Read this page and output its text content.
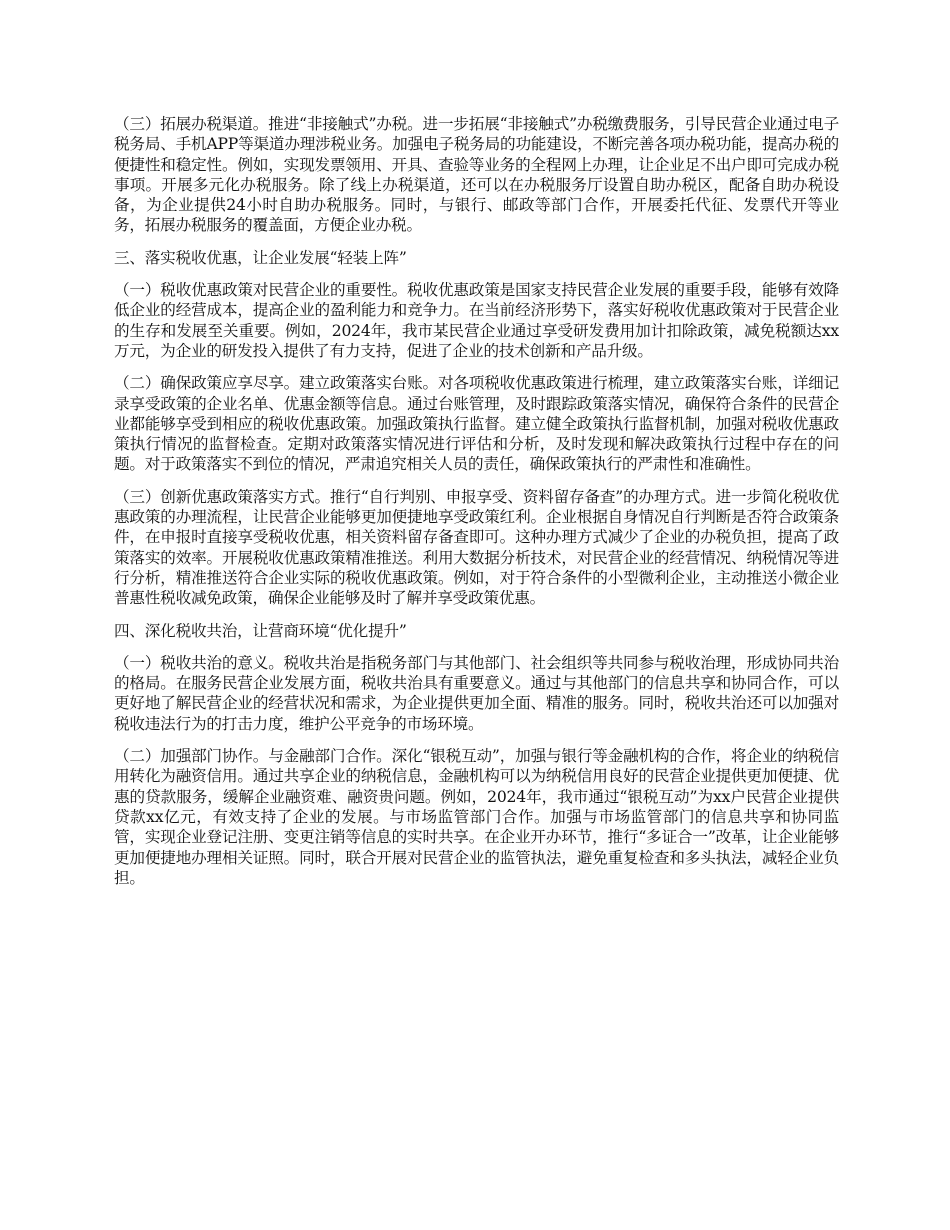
（三）拓展办税渠道。推进“非接触式”办税。进一步拓展“非接触式”办税缴费服务，引导民营企业通过电子税务局、手机APP等渠道办理涉税业务。加强电子税务局的功能建设，不断完善各项办税功能，提高办税的便捷性和稳定性。例如，实现发票领用、开具、查验等业务的全程网上办理，让企业足不出户即可完成办税事项。开展多元化办税服务。除了线上办税渠道，还可以在办税服务厅设置自助办税区，配备自助办税设备，为企业提供24小时自助办税服务。同时，与银行、邮政等部门合作，开展委托代征、发票代开等业务，拓展办税服务的覆盖面，方便企业办税。

三、落实税收优惠，让企业发展“轻装上阵”

（一）税收优惠政策对民营企业的重要性。税收优惠政策是国家支持民营企业发展的重要手段，能够有效降低企业的经营成本，提高企业的盈利能力和竞争力。在当前经济形势下，落实好税收优惠政策对于民营企业的生存和发展至关重要。例如，2024年，我市某民营企业通过享受研发费用加计扣除政策，减免税额达xx万元，为企业的研发投入提供了有力支持，促进了企业的技术创新和产品升级。

（二）确保政策应享尽享。建立政策落实台账。对各项税收优惠政策进行梳理，建立政策落实台账，详细记录享受政策的企业名单、优惠金额等信息。通过台账管理，及时跟踪政策落实情况，确保符合条件的民营企业都能够享受到相应的税收优惠政策。加强政策执行监督。建立健全政策执行监督机制，加强对税收优惠政策执行情况的监督检查。定期对政策落实情况进行评估和分析，及时发现和解决政策执行过程中存在的问题。对于政策落实不到位的情况，严肃追究相关人员的责任，确保政策执行的严肃性和准确性。

（三）创新优惠政策落实方式。推行“自行判别、申报享受、资料留存备查”的办理方式。进一步简化税收优惠政策的办理流程，让民营企业能够更加便捷地享受政策红利。企业根据自身情况自行判断是否符合政策条件，在申报时直接享受税收优惠，相关资料留存备查即可。这种办理方式减少了企业的办税负担，提高了政策落实的效率。开展税收优惠政策精准推送。利用大数据分析技术，对民营企业的经营情况、纳税情况等进行分析，精准推送符合企业实际的税收优惠政策。例如，对于符合条件的小型微利企业，主动推送小微企业普惠性税收减免政策，确保企业能够及时了解并享受政策优惠。

四、深化税收共治，让营商环境“优化提升”

（一）税收共治的意义。税收共治是指税务部门与其他部门、社会组织等共同参与税收治理，形成协同共治的格局。在服务民营企业发展方面，税收共治具有重要意义。通过与其他部门的信息共享和协同合作，可以更好地了解民营企业的经营状况和需求，为企业提供更加全面、精准的服务。同时，税收共治还可以加强对税收违法行为的打击力度，维护公平竞争的市场环境。

（二）加强部门协作。与金融部门合作。深化“银税互动”，加强与银行等金融机构的合作，将企业的纳税信用转化为融资信用。通过共享企业的纳税信息，金融机构可以为纳税信用良好的民营企业提供更加便捷、优惠的贷款服务，缓解企业融资难、融资贵问题。例如，2024年，我市通过“银税互动”为xx户民营企业提供贷款xx亿元，有效支持了企业的发展。与市场监管部门合作。加强与市场监管部门的信息共享和协同监管，实现企业登记注册、变更注销等信息的实时共享。在企业开办环节，推行“多证合一”改革，让企业能够更加便捷地办理相关证照。同时，联合开展对民营企业的监管执法，避免重复检查和多头执法，减轻企业负担。
